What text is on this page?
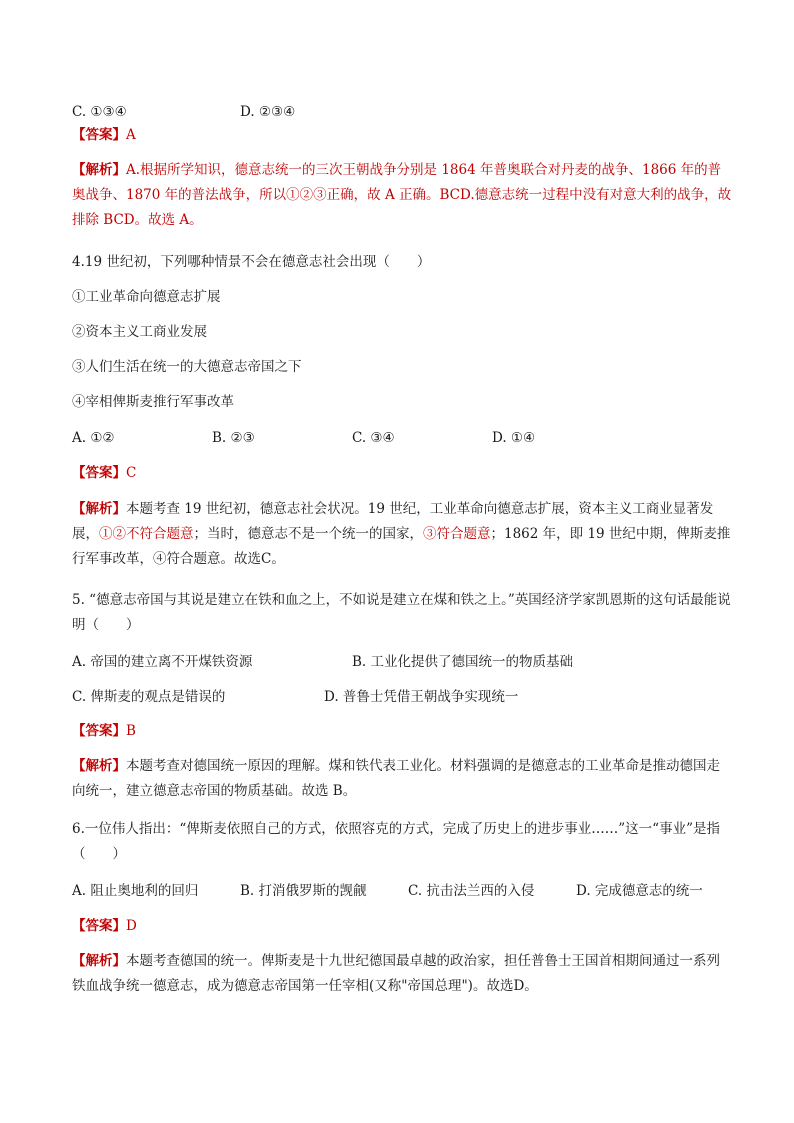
C. ①③④	D. ②③④
【答案】A
【解析】A.根据所学知识，德意志统一的三次王朝战争分别是 1864 年普奥联合对丹麦的战争、1866 年的普奥战争、1870 年的普法战争，所以①②③正确，故 A 正确。BCD.德意志统一过程中没有对意大利的战争，故排除 BCD。故选 A。
4.19 世纪初，下列哪种情景不会在德意志社会出现（　　）
①工业革命向德意志扩展
②资本主义工商业发展
③人们生活在统一的大德意志帝国之下
④宰相俾斯麦推行军事改革
A. ①②	B. ②③	C. ③④	D. ①④
【答案】C
【解析】本题考查 19 世纪初，德意志社会状况。19 世纪，工业革命向德意志扩展，资本主义工商业显著发展，①②不符合题意；当时，德意志不是一个统一的国家，③符合题意；1862 年，即 19 世纪中期，俾斯麦推行军事改革，④符合题意。故选C。
5. “德意志帝国与其说是建立在铁和血之上，不如说是建立在煤和铁之上。”英国经济学家凯恩斯的这句话最能说明（　　）
A. 帝国的建立离不开煤铁资源	B. 工业化提供了德国统一的物质基础
C. 俾斯麦的观点是错误的	D. 普鲁士凭借王朝战争实现统一
【答案】B
【解析】本题考查对德国统一原因的理解。煤和铁代表工业化。材料强调的是德意志的工业革命是推动德国走向统一，建立德意志帝国的物质基础。故选 B。
6.一位伟人指出：“俾斯麦依照自己的方式，依照容克的方式，完成了历史上的进步事业……”这一“事业”是指（　　）
A. 阻止奥地利的回归	B. 打消俄罗斯的觊觎	C. 抗击法兰西的入侵	D. 完成德意志的统一
【答案】D
【解析】本题考查德国的统一。俾斯麦是十九世纪德国最卓越的政治家，担任普鲁士王国首相期间通过一系列铁血战争统一德意志，成为德意志帝国第一任宰相(又称"帝国总理")。故选D。
